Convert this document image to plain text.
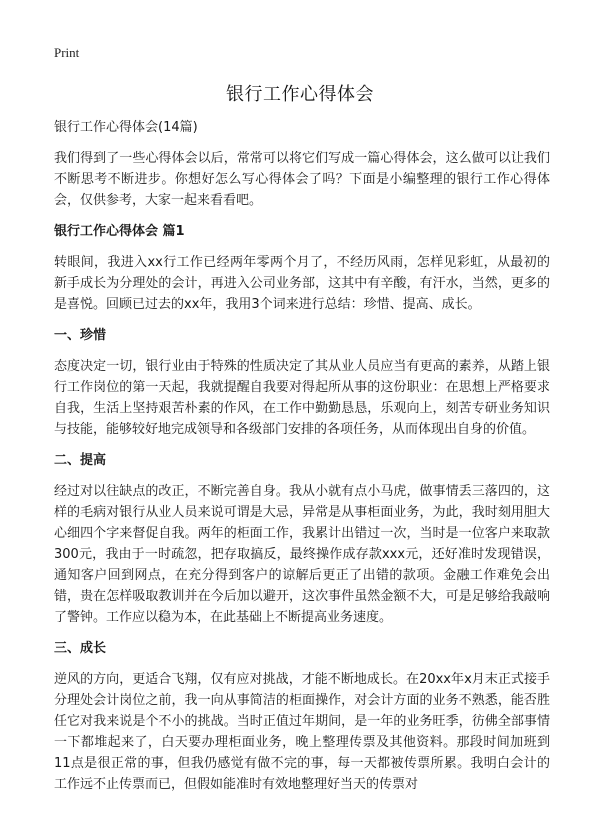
Print
银行工作心得体会

银行工作心得体会(14篇)

我们得到了一些心得体会以后，常常可以将它们写成一篇心得体会，这么做可以让我们不断思考不断进步。你想好怎么写心得体会了吗？下面是小编整理的银行工作心得体会，仅供参考，大家一起来看看吧。

银行工作心得体会 篇1

转眼间，我进入xx行工作已经两年零两个月了，不经历风雨，怎样见彩虹，从最初的新手成长为分理处的会计，再进入公司业务部，这其中有辛酸，有汗水，当然，更多的是喜悦。回顾已过去的xx年，我用3个词来进行总结：珍惜、提高、成长。

一、珍惜

态度决定一切，银行业由于特殊的性质决定了其从业人员应当有更高的素养，从踏上银行工作岗位的第一天起，我就提醒自我要对得起所从事的这份职业：在思想上严格要求自我，生活上坚持艰苦朴素的作风，在工作中勤勤恳恳，乐观向上，刻苦专研业务知识与技能，能够较好地完成领导和各级部门安排的各项任务，从而体现出自身的价值。

二、提高

经过对以往缺点的改正，不断完善自身。我从小就有点小马虎，做事情丢三落四的，这样的毛病对银行从业人员来说可谓是大忌，异常是从事柜面业务，为此，我时刻用胆大心细四个字来督促自我。两年的柜面工作，我累计出错过一次，当时是一位客户来取款300元，我由于一时疏忽，把存取搞反，最终操作成存款xxx元，还好准时发现错误，通知客户回到网点，在充分得到客户的谅解后更正了出错的款项。金融工作难免会出错，贵在怎样吸取教训并在今后加以避开，这次事件虽然金额不大，可是足够给我敲响了警钟。工作应以稳为本，在此基础上不断提高业务速度。

三、成长

逆风的方向，更适合飞翔，仅有应对挑战，才能不断地成长。在20xx年x月末正式接手分理处会计岗位之前，我一向从事简洁的柜面操作，对会计方面的业务不熟悉，能否胜任它对我来说是个不小的挑战。当时正值过年期间，是一年的业务旺季，彷佛全部事情一下都堆起来了，白天要办理柜面业务，晚上整理传票及其他资料。那段时间加班到11点是很正常的事，但我仍感觉有做不完的事，每一天都被传票所累。我明白会计的工作远不止传票而已，但假如能准时有效地整理好当天的传票对
